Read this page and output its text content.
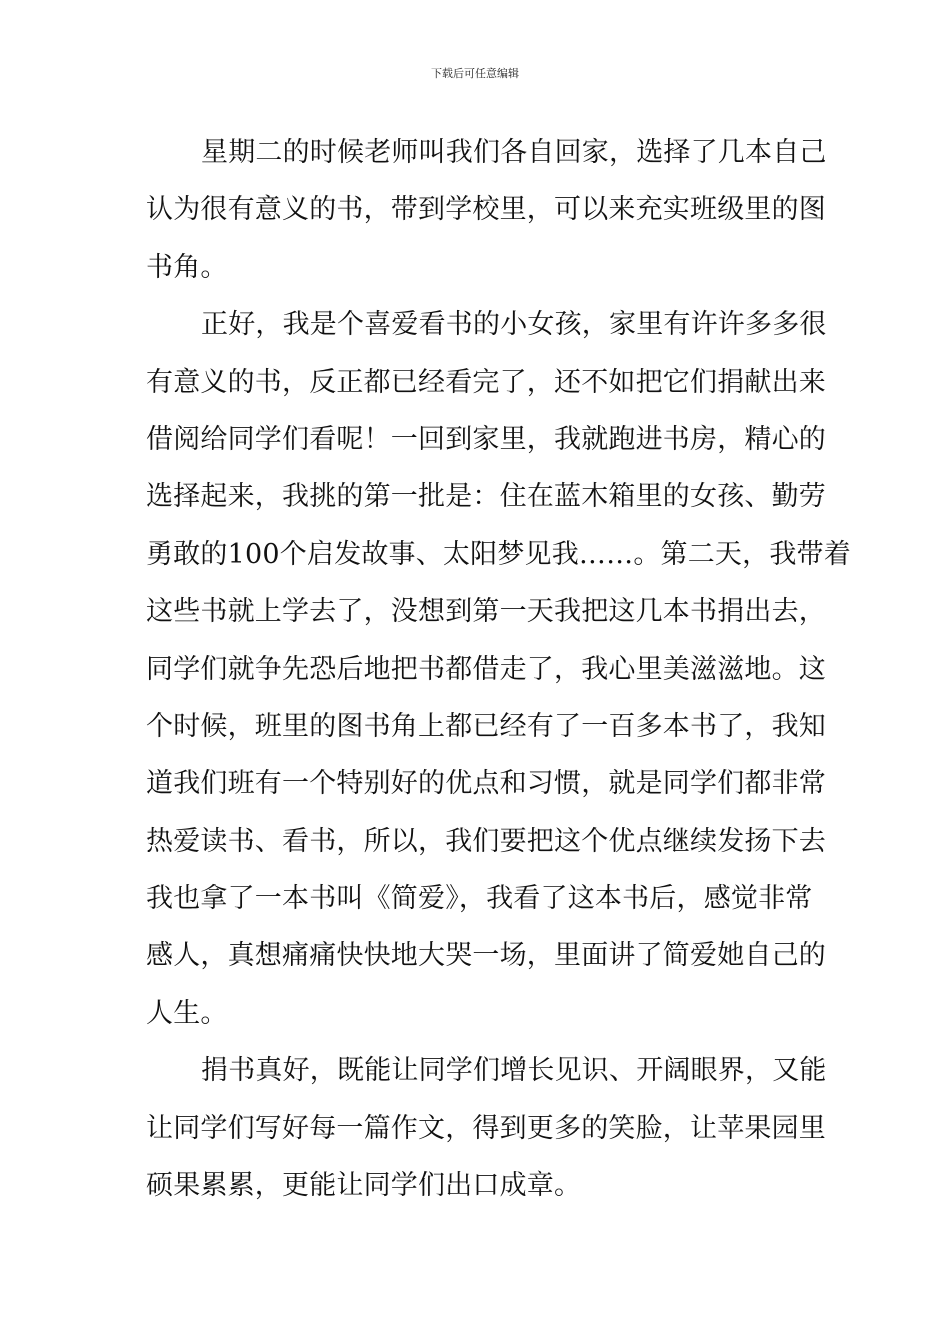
下载后可任意编辑
星期二的时候老师叫我们各自回家，选择了几本自己
认为很有意义的书，带到学校里，可以来充实班级里的图
书角。
正好，我是个喜爱看书的小女孩，家里有许许多多很
有意义的书，反正都已经看完了，还不如把它们捐献出来
借阅给同学们看呢！一回到家里，我就跑进书房，精心的
选择起来，我挑的第一批是：住在蓝木箱里的女孩、勤劳
勇敢的100个启发故事、太阳梦见我……。第二天，我带着
这些书就上学去了，没想到第一天我把这几本书捐出去，
同学们就争先恐后地把书都借走了，我心里美滋滋地。这
个时候，班里的图书角上都已经有了一百多本书了，我知
道我们班有一个特别好的优点和习惯，就是同学们都非常
热爱读书、看书，所以，我们要把这个优点继续发扬下去
我也拿了一本书叫《简爱》，我看了这本书后，感觉非常
感人，真想痛痛快快地大哭一场，里面讲了简爱她自己的
人生。
捐书真好，既能让同学们增长见识、开阔眼界，又能
让同学们写好每一篇作文，得到更多的笑脸，让苹果园里
硕果累累，更能让同学们出口成章。
